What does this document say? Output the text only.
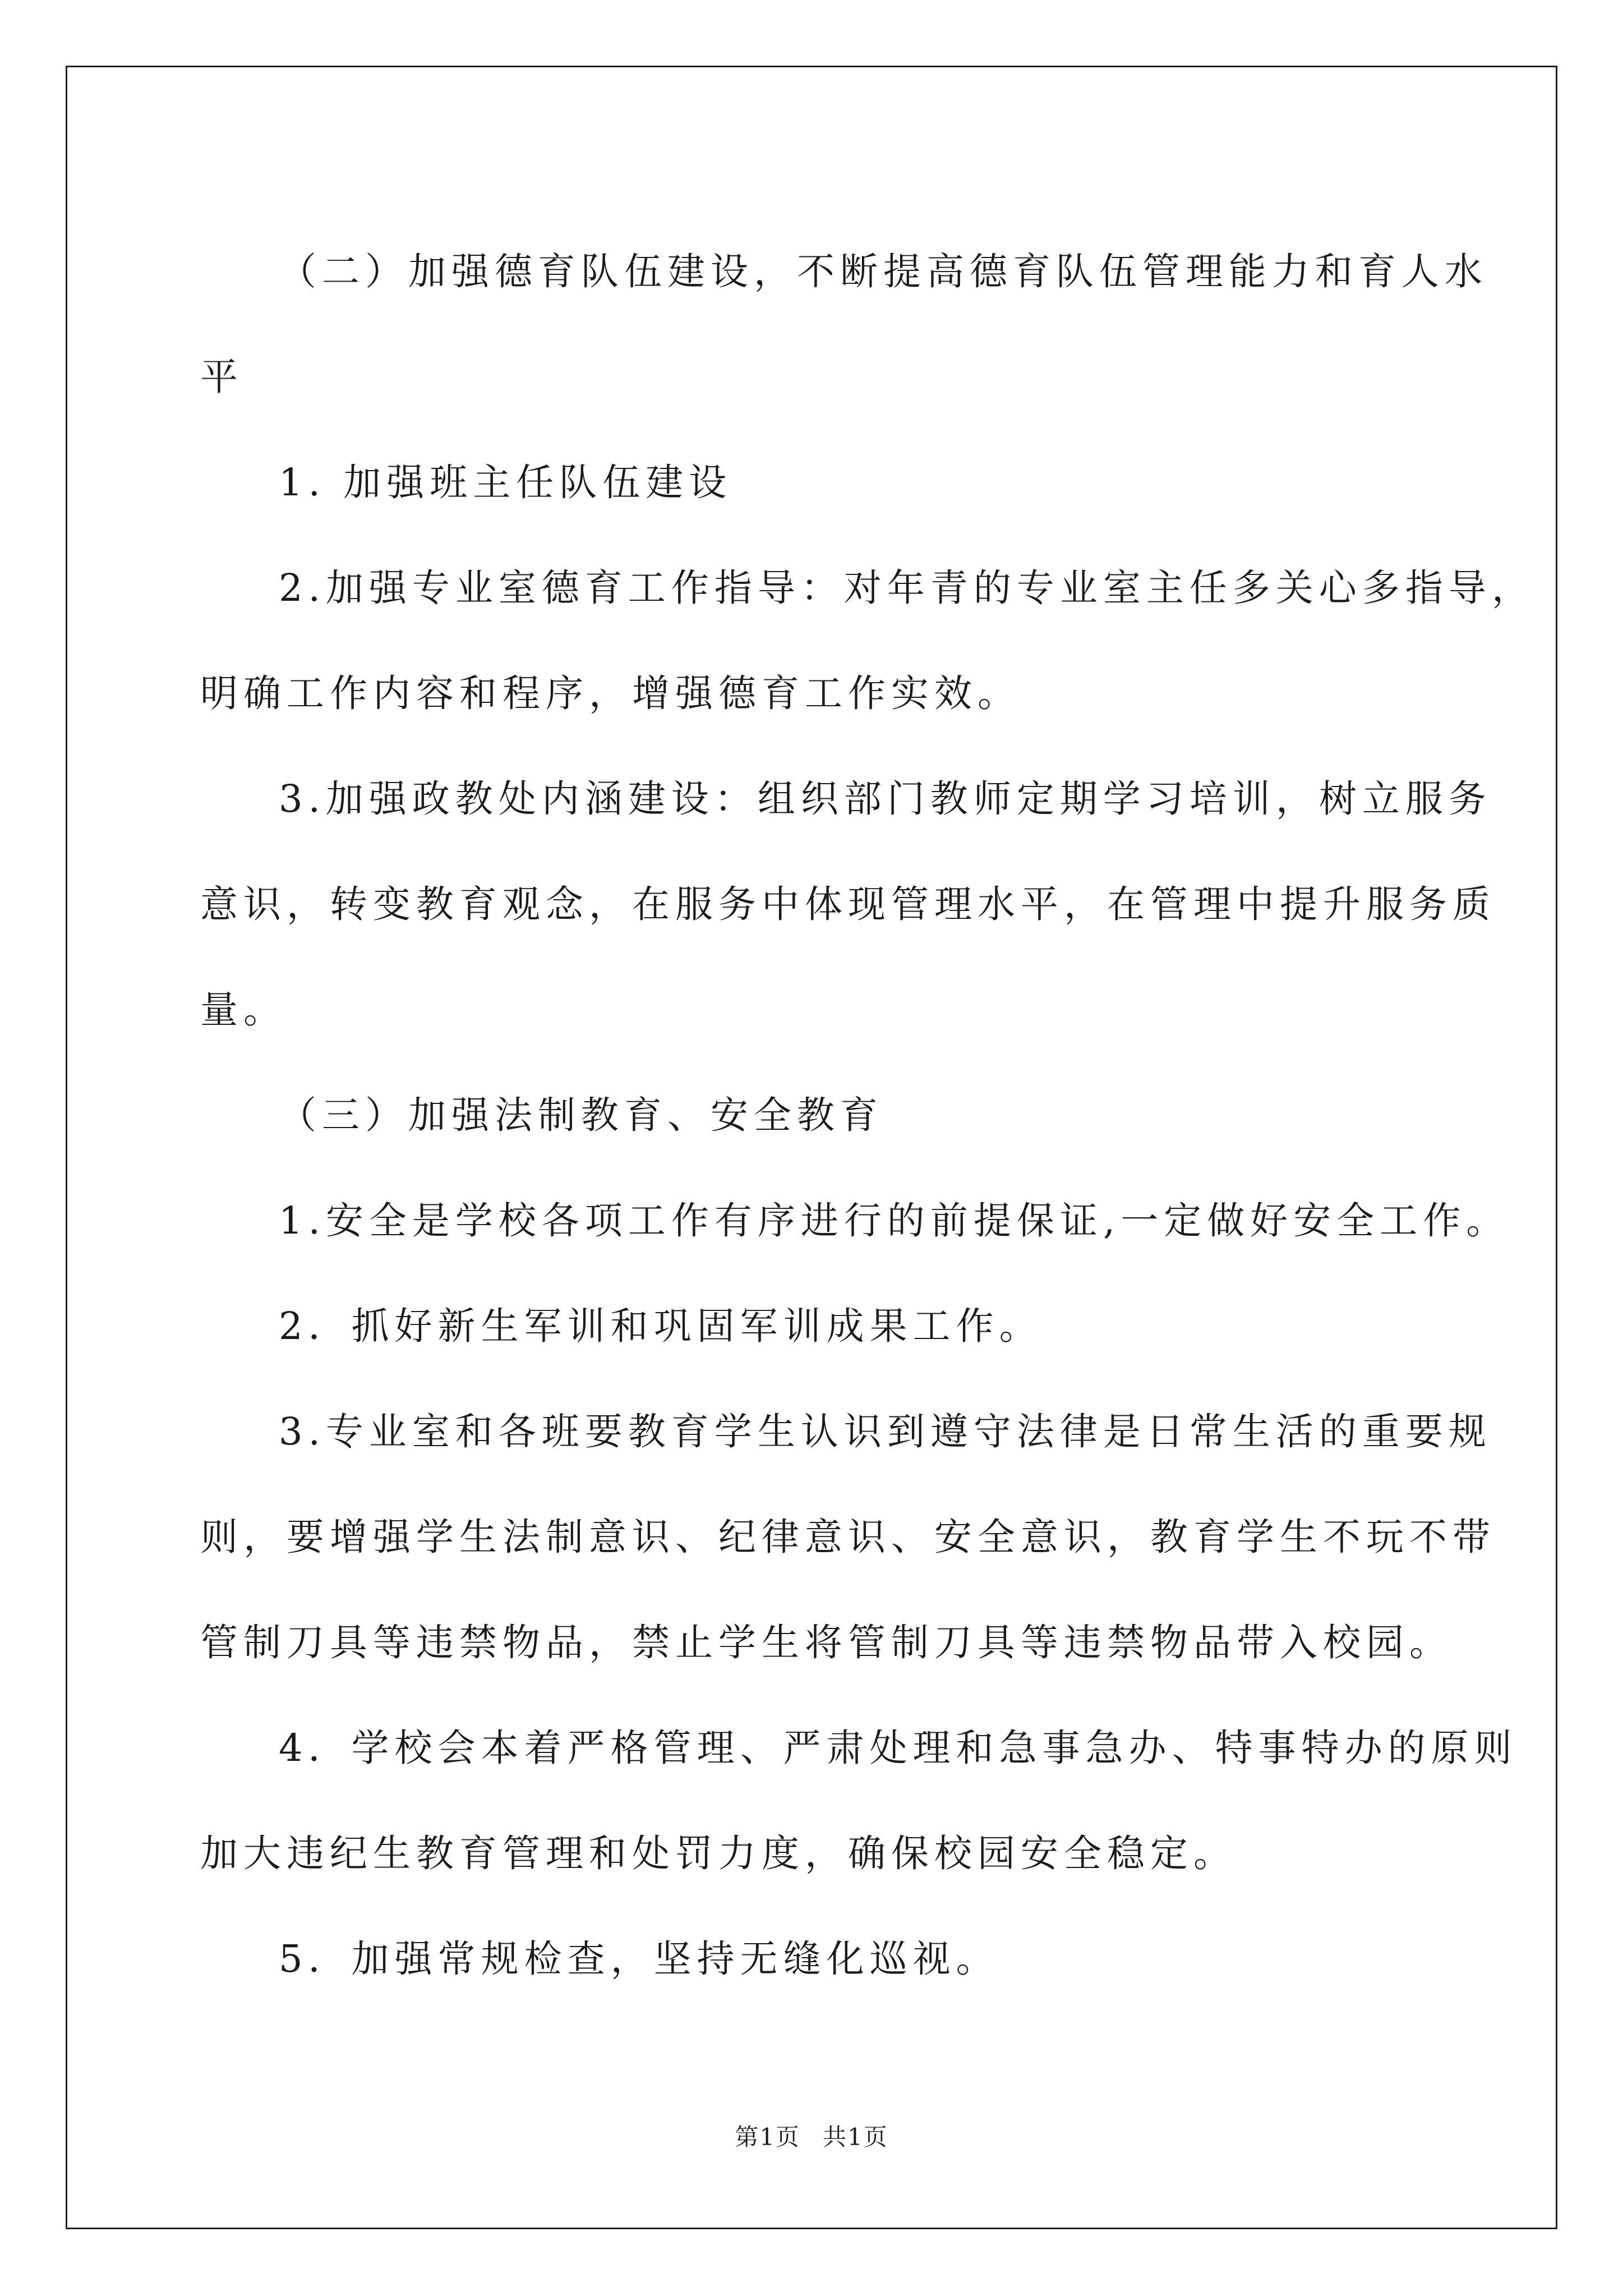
（二）加强德育队伍建设，不断提高德育队伍管理能力和育人水

平

1. 加强班主任队伍建设

2.加强专业室德育工作指导：对年青的专业室主任多关心多指导，

明确工作内容和程序，增强德育工作实效。

3.加强政教处内涵建设：组织部门教师定期学习培训，树立服务

意识，转变教育观念，在服务中体现管理水平，在管理中提升服务质

量。

（三）加强法制教育、安全教育

1.安全是学校各项工作有序进行的前提保证,一定做好安全工作。

2．抓好新生军训和巩固军训成果工作。

3.专业室和各班要教育学生认识到遵守法律是日常生活的重要规

则，要增强学生法制意识、纪律意识、安全意识，教育学生不玩不带

管制刀具等违禁物品，禁止学生将管制刀具等违禁物品带入校园。

4．学校会本着严格管理、严肃处理和急事急办、特事特办的原则

加大违纪生教育管理和处罚力度，确保校园安全稳定。

5．加强常规检查，坚持无缝化巡视。

第1页 共1页
